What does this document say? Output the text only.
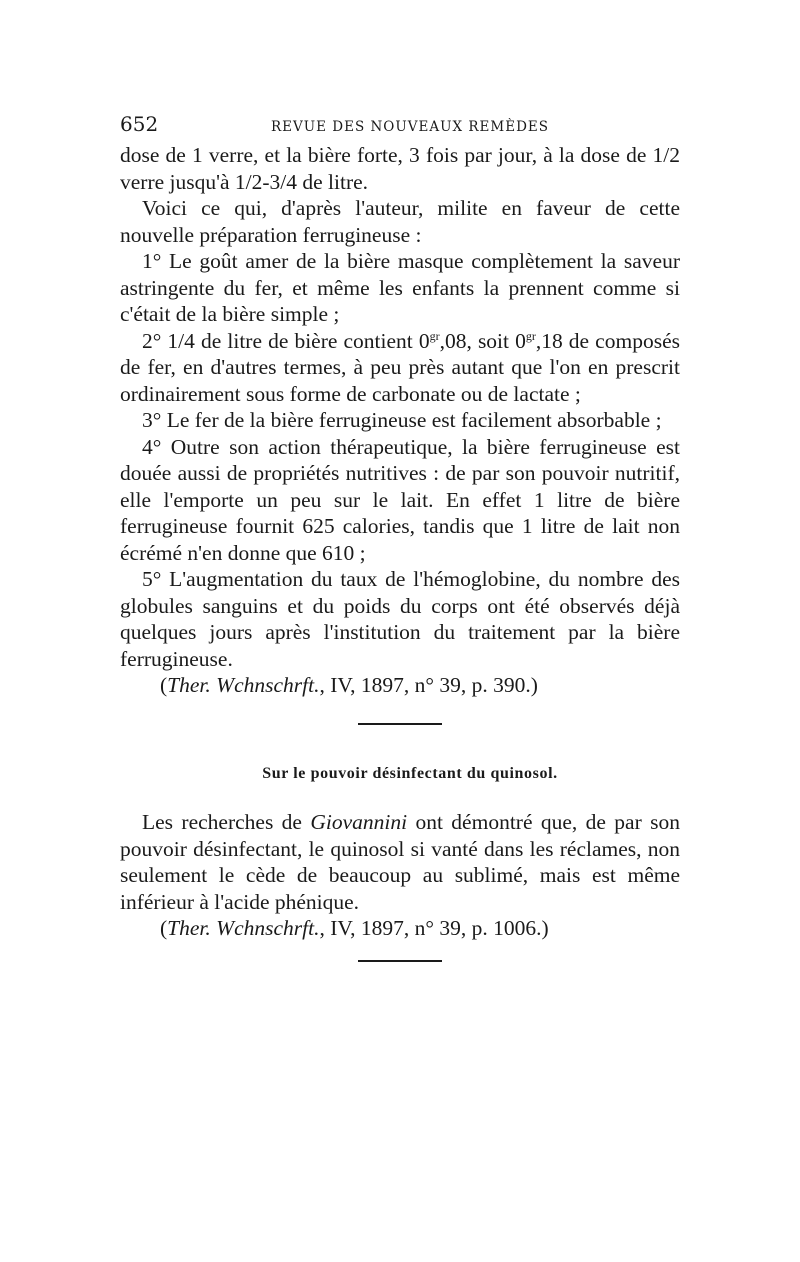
652	REVUE DES NOUVEAUX REMÈDES

dose de 1 verre, et la bière forte, 3 fois par jour, à la dose de 1/2 verre jusqu'à 1/2-3/4 de litre.

Voici ce qui, d'après l'auteur, milite en faveur de cette nouvelle préparation ferrugineuse :

1° Le goût amer de la bière masque complètement la saveur astringente du fer, et même les enfants la prennent comme si c'était de la bière simple ;

2° 1/4 de litre de bière contient $0^{gr},08$, soit $0^{gr},18$ de composés de fer, en d'autres termes, à peu près autant que l'on en prescrit ordinairement sous forme de carbonate ou de lactate ;

3° Le fer de la bière ferrugineuse est facilement absorbable ;

4° Outre son action thérapeutique, la bière ferrugineuse est douée aussi de propriétés nutritives : de par son pouvoir nutritif, elle l'emporte un peu sur le lait. En effet 1 litre de bière ferrugineuse fournit 625 calories, tandis que 1 litre de lait non écrémé n'en donne que 610 ;

5° L'augmentation du taux de l'hémoglobine, du nombre des globules sanguins et du poids du corps ont été observés déjà quelques jours après l'institution du traitement par la bière ferrugineuse.

(Ther. Wchnschrft., IV, 1897, n° 39, p. 390.)

Sur le pouvoir désinfectant du quinosol.

Les recherches de Giovannini ont démontré que, de par son pouvoir désinfectant, le quinosol si vanté dans les réclames, non seulement le cède de beaucoup au sublimé, mais est même inférieur à l'acide phénique.

(Ther. Wchnschrft., IV, 1897, n° 39, p. 1006.)
